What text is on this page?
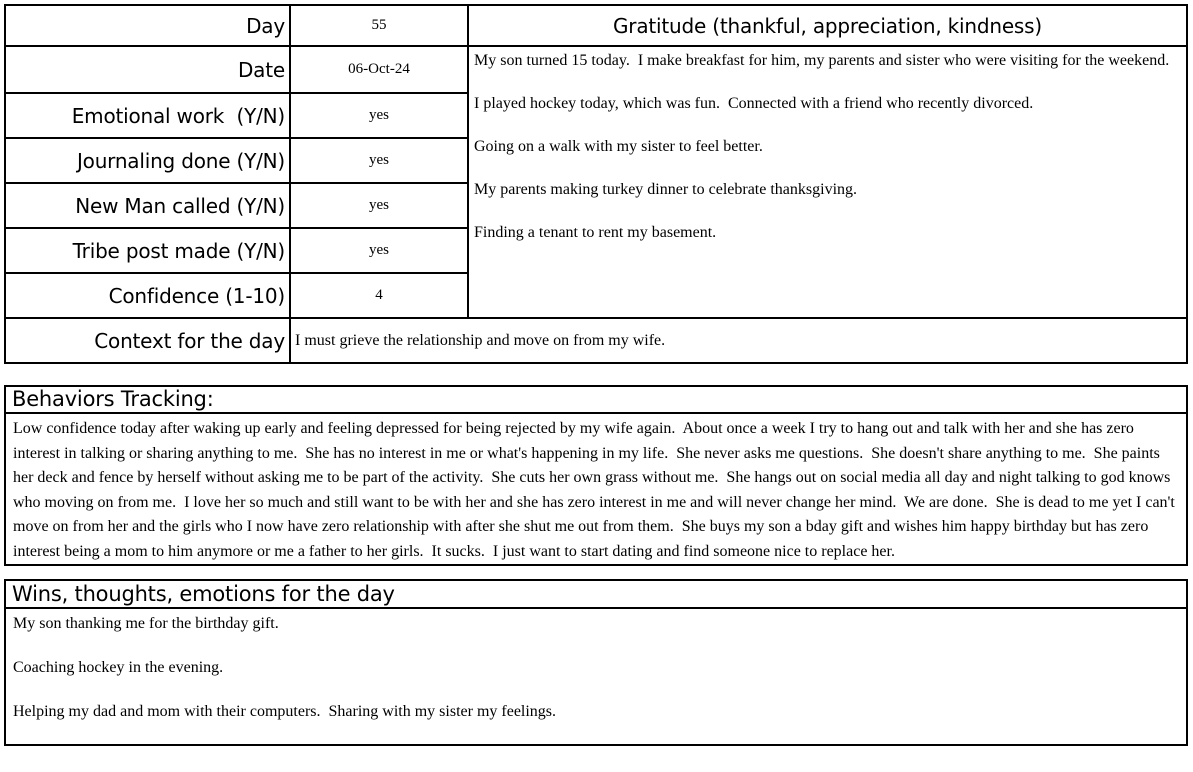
Day	55	Gratitude (thankful, appreciation, kindness)
Date	06-Oct-24	My son turned 15 today.  I make breakfast for him, my parents and sister who were visiting for the weekend.
I played hockey today, which was fun.  Connected with a friend who recently divorced.
Going on a walk with my sister to feel better.
My parents making turkey dinner to celebrate thanksgiving.
Finding a tenant to rent my basement.

Emotional work  (Y/N)	yes	
Journaling done (Y/N)	yes	
New Man called (Y/N)	yes	
Tribe post made (Y/N)	yes	
Confidence (1-10)	4	
Context for the day	I must grieve the relationship and move on from my wife.	
Behaviors Tracking:
Low confidence today after waking up early and feeling depressed for being rejected by my wife again.  About once a week I try to hang out and talk with her and she has zero interest in talking or sharing anything to me.  She has no interest in me or what's happening in my life.  She never asks me questions.  She doesn't share anything to me.  She paints her deck and fence by herself without asking me to be part of the activity.  She cuts her own grass without me.  She hangs out on social media all day and night talking to god knows who moving on from me.  I love her so much and still want to be with her and she has zero interest in me and will never change her mind.  We are done.  She is dead to me yet I can't move on from her and the girls who I now have zero relationship with after she shut me out from them.  She buys my son a bday gift and wishes him happy birthday but has zero interest being a mom to him anymore or me a father to her girls.  It sucks.  I just want to start dating and find someone nice to replace her.
Wins, thoughts, emotions for the day

My son thanking me for the birthday gift.
Coaching hockey in the evening.
Helping my dad and mom with their computers.  Sharing with my sister my feelings.
